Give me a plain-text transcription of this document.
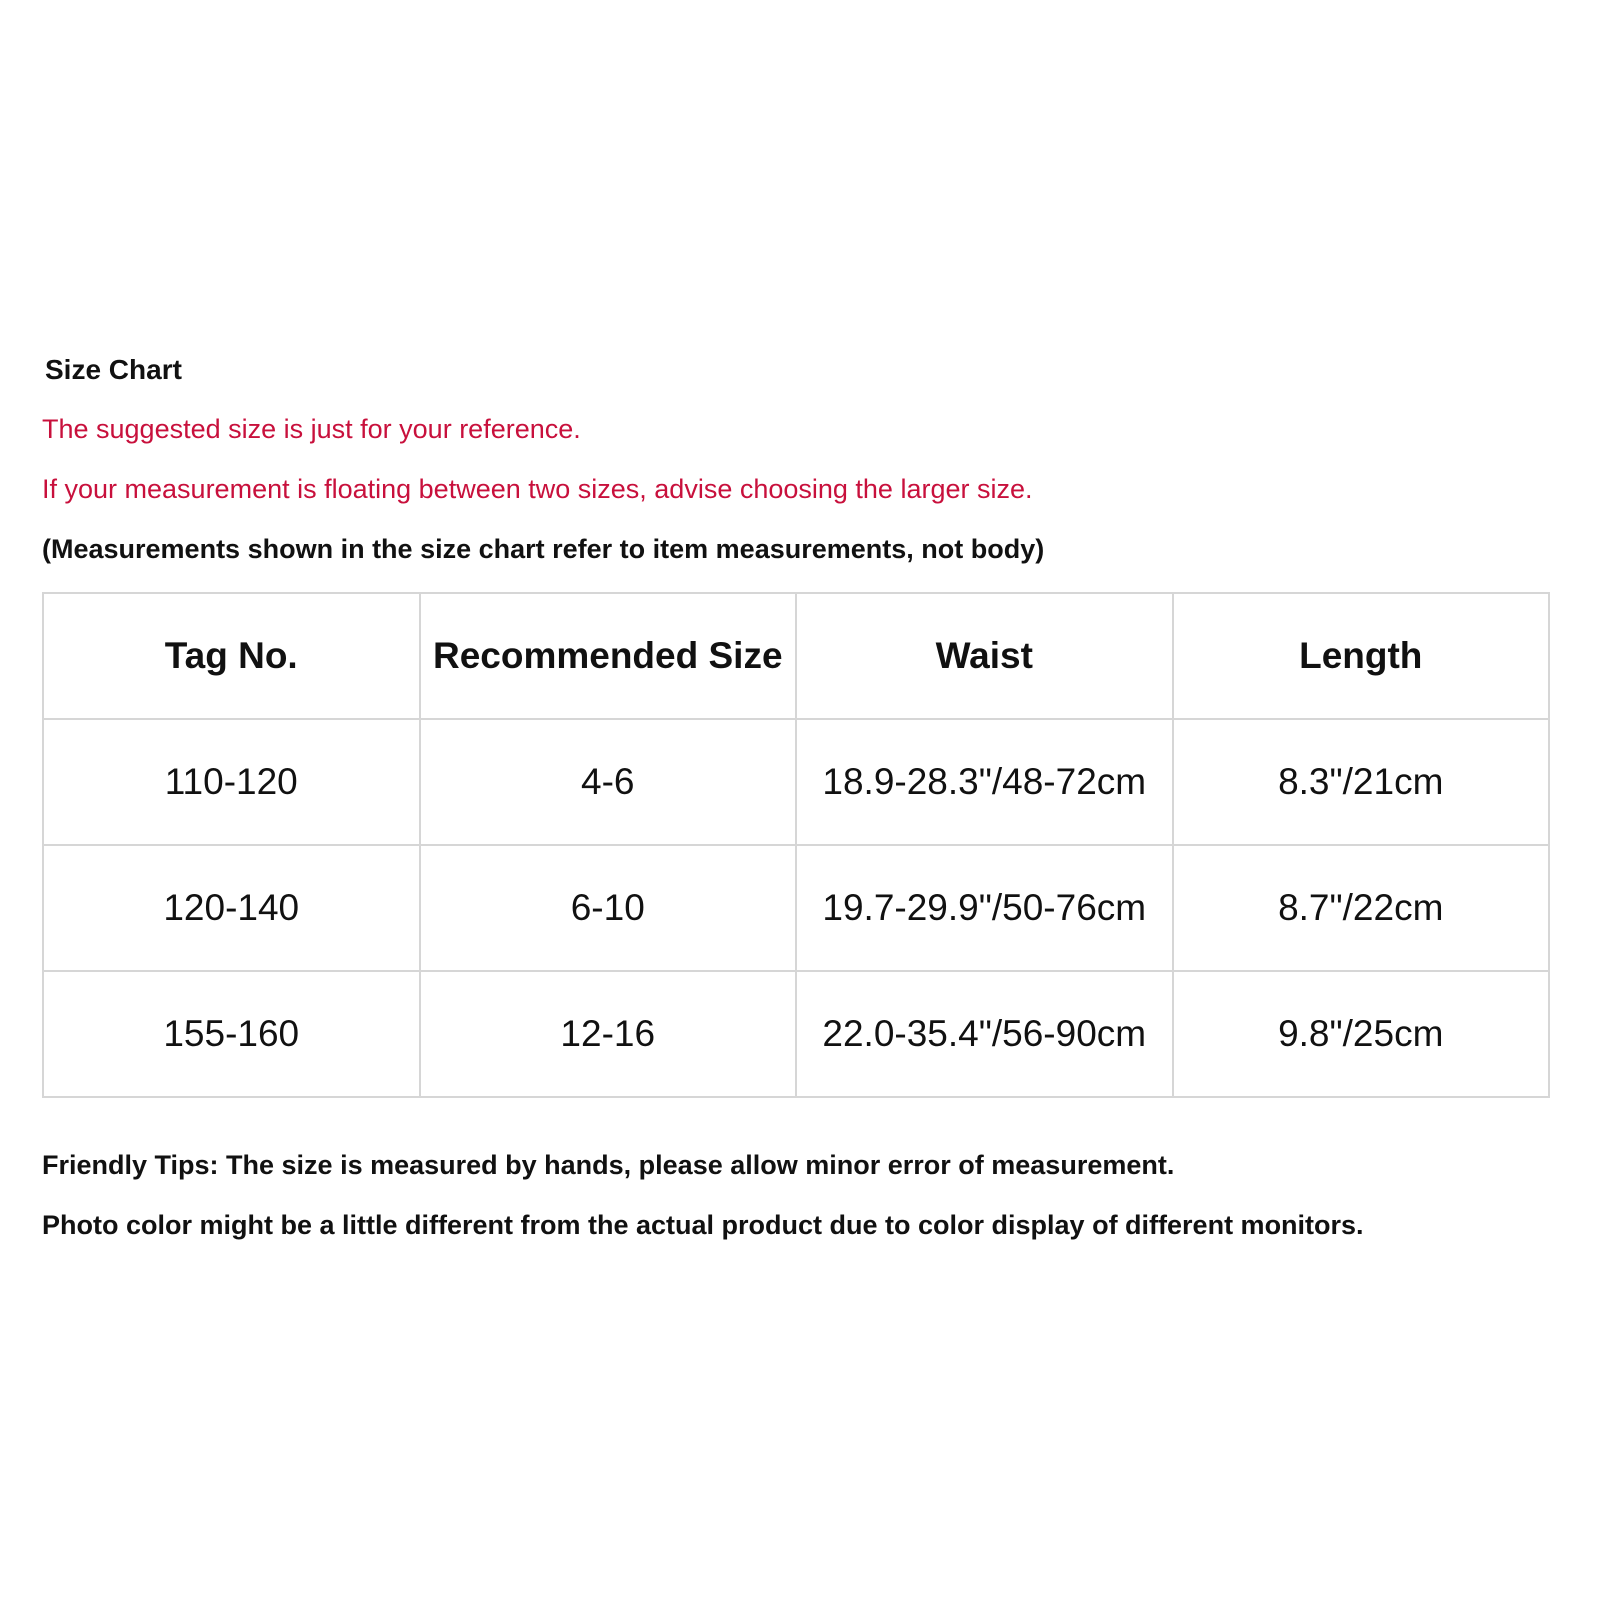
Size Chart
The suggested size is just for your reference.
If your measurement is floating between two sizes, advise choosing the larger size.
(Measurements shown in the size chart refer to item measurements, not body)
Tag No.	Recommended Size	Waist	Length
110-120	4-6	18.9-28.3"/48-72cm	8.3"/21cm
120-140	6-10	19.7-29.9"/50-76cm	8.7"/22cm
155-160	12-16	22.0-35.4"/56-90cm	9.8"/25cm
Friendly Tips: The size is measured by hands, please allow minor error of measurement.
Photo color might be a little different from the actual product due to color display of different monitors.
